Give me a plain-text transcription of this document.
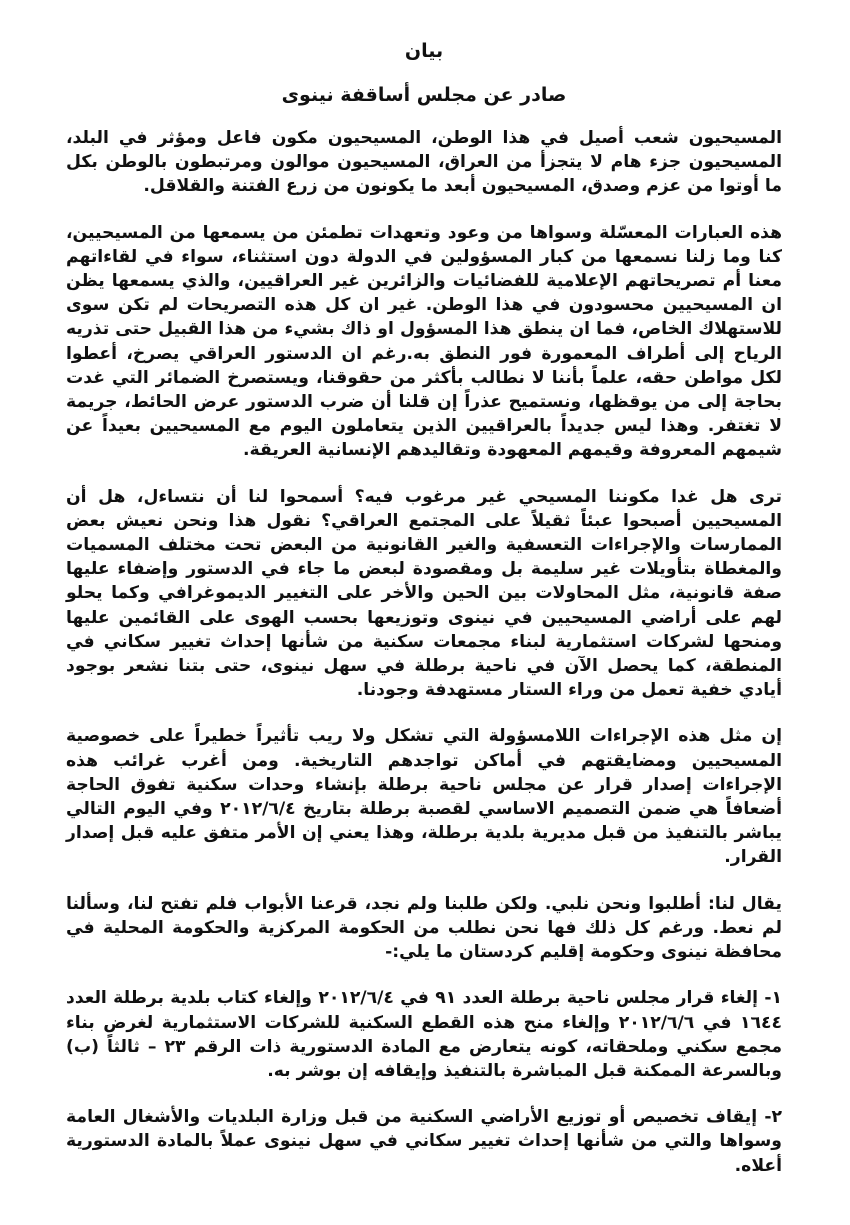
بيان
صادر عن مجلس أساقفة نينوى

المسيحيون شعب أصيل في هذا الوطن، المسيحيون مكون فاعل ومؤثر في البلد، المسيحيون جزء هام لا يتجزأ من العراق، المسيحيون موالون ومرتبطون بالوطن بكل ما أوتوا من عزم وصدق، المسيحيون أبعد ما يكونون من زرع الفتنة والقلاقل.

هذه العبارات المعسّلة وسواها من وعود وتعهدات تطمئن من يسمعها من المسيحيين، كنا وما زلنا نسمعها من كبار المسؤولين في الدولة دون استثناء، سواء في لقاءاتهم معنا أم تصريحاتهم الإعلامية للفضائيات والزائرين غير العراقيين، والذي يسمعها يظن ان المسيحيين محسودون في هذا الوطن. غير ان كل هذه التصريحات لم تكن سوى للاستهلاك الخاص، فما ان ينطق هذا المسؤول او ذاك بشيء من هذا القبيل حتى تذريه الرياح إلى أطراف المعمورة فور النطق به.رغم ان الدستور العراقي يصرخ، أعطوا لكل مواطن حقه، علماً بأننا لا نطالب بأكثر من حقوقنا، ويستصرخ الضمائر التي غدت بحاجة إلى من يوقظها، ونستميح عذراً إن قلنا أن ضرب الدستور عرض الحائط، جريمة لا تغتفر. وهذا ليس جديداً بالعراقيين الذين يتعاملون اليوم مع المسيحيين بعيداً عن شيمهم المعروفة وقيمهم المعهودة وتقاليدهم الإنسانية العريقة.

ترى هل غدا مكوننا المسيحي غير مرغوب فيه؟ أسمحوا لنا أن نتساءل، هل أن المسيحيين أصبحوا عبئاً ثقيلاً على المجتمع العراقي؟ نقول هذا ونحن نعيش بعض الممارسات والإجراءات التعسفية والغير القانونية من البعض تحت مختلف المسميات والمغطاة بتأويلات غير سليمة بل ومقصودة لبعض ما جاء في الدستور وإضفاء عليها صفة قانونية، مثل المحاولات بين الحين والأخر على التغيير الديموغرافي وكما يحلو لهم على أراضي المسيحيين في نينوى وتوزيعها بحسب الهوى على القائمين عليها ومنحها لشركات استثمارية لبناء مجمعات سكنية من شأنها إحداث تغيير سكاني في المنطقة، كما يحصل الآن في ناحية برطلة في سهل نينوى، حتى بتنا نشعر بوجود أيادي خفية تعمل من وراء الستار مستهدفة وجودنا.

إن مثل هذه الإجراءات اللامسؤولة التي تشكل ولا ريب تأثيراً خطيراً على خصوصية المسيحيين ومضايقتهم في أماكن تواجدهم التاريخية. ومن أغرب غرائب هذه الإجراءات إصدار قرار عن مجلس ناحية برطلة بإنشاء وحدات سكنية تفوق الحاجة أضعافاً هي ضمن التصميم الاساسي لقصبة برطلة بتاريخ ٢٠١٢/٦/٤ وفي اليوم التالي يباشر بالتنفيذ من قبل مديرية بلدية برطلة، وهذا يعني إن الأمر متفق عليه قبل إصدار القرار.

يقال لنا: أطلبوا ونحن نلبي. ولكن طلبنا ولم نجد، قرعنا الأبواب فلم تفتح لنا، وسألنا لم نعط. ورغم كل ذلك فها نحن نطلب من الحكومة المركزية والحكومة المحلية في محافظة نينوى وحكومة إقليم كردستان ما يلي:-

١- إلغاء قرار مجلس ناحية برطلة العدد ٩١ في ٢٠١٢/٦/٤ وإلغاء كتاب بلدية برطلة العدد ١٦٤٤ في ٢٠١٢/٦/٦ وإلغاء منح هذه القطع السكنية للشركات الاستثمارية لغرض بناء مجمع سكني وملحقاته، كونه يتعارض مع المادة الدستورية ذات الرقم ٢٣ – ثالثاً (ب) وبالسرعة الممكنة قبل المباشرة بالتنفيذ وإيقافه إن بوشر به.

٢- إيقاف تخصيص أو توزيع الأراضي السكنية من قبل وزارة البلديات والأشغال العامة وسواها والتي من شأنها إحداث تغيير سكاني في سهل نينوى عملاً بالمادة الدستورية أعلاه.
